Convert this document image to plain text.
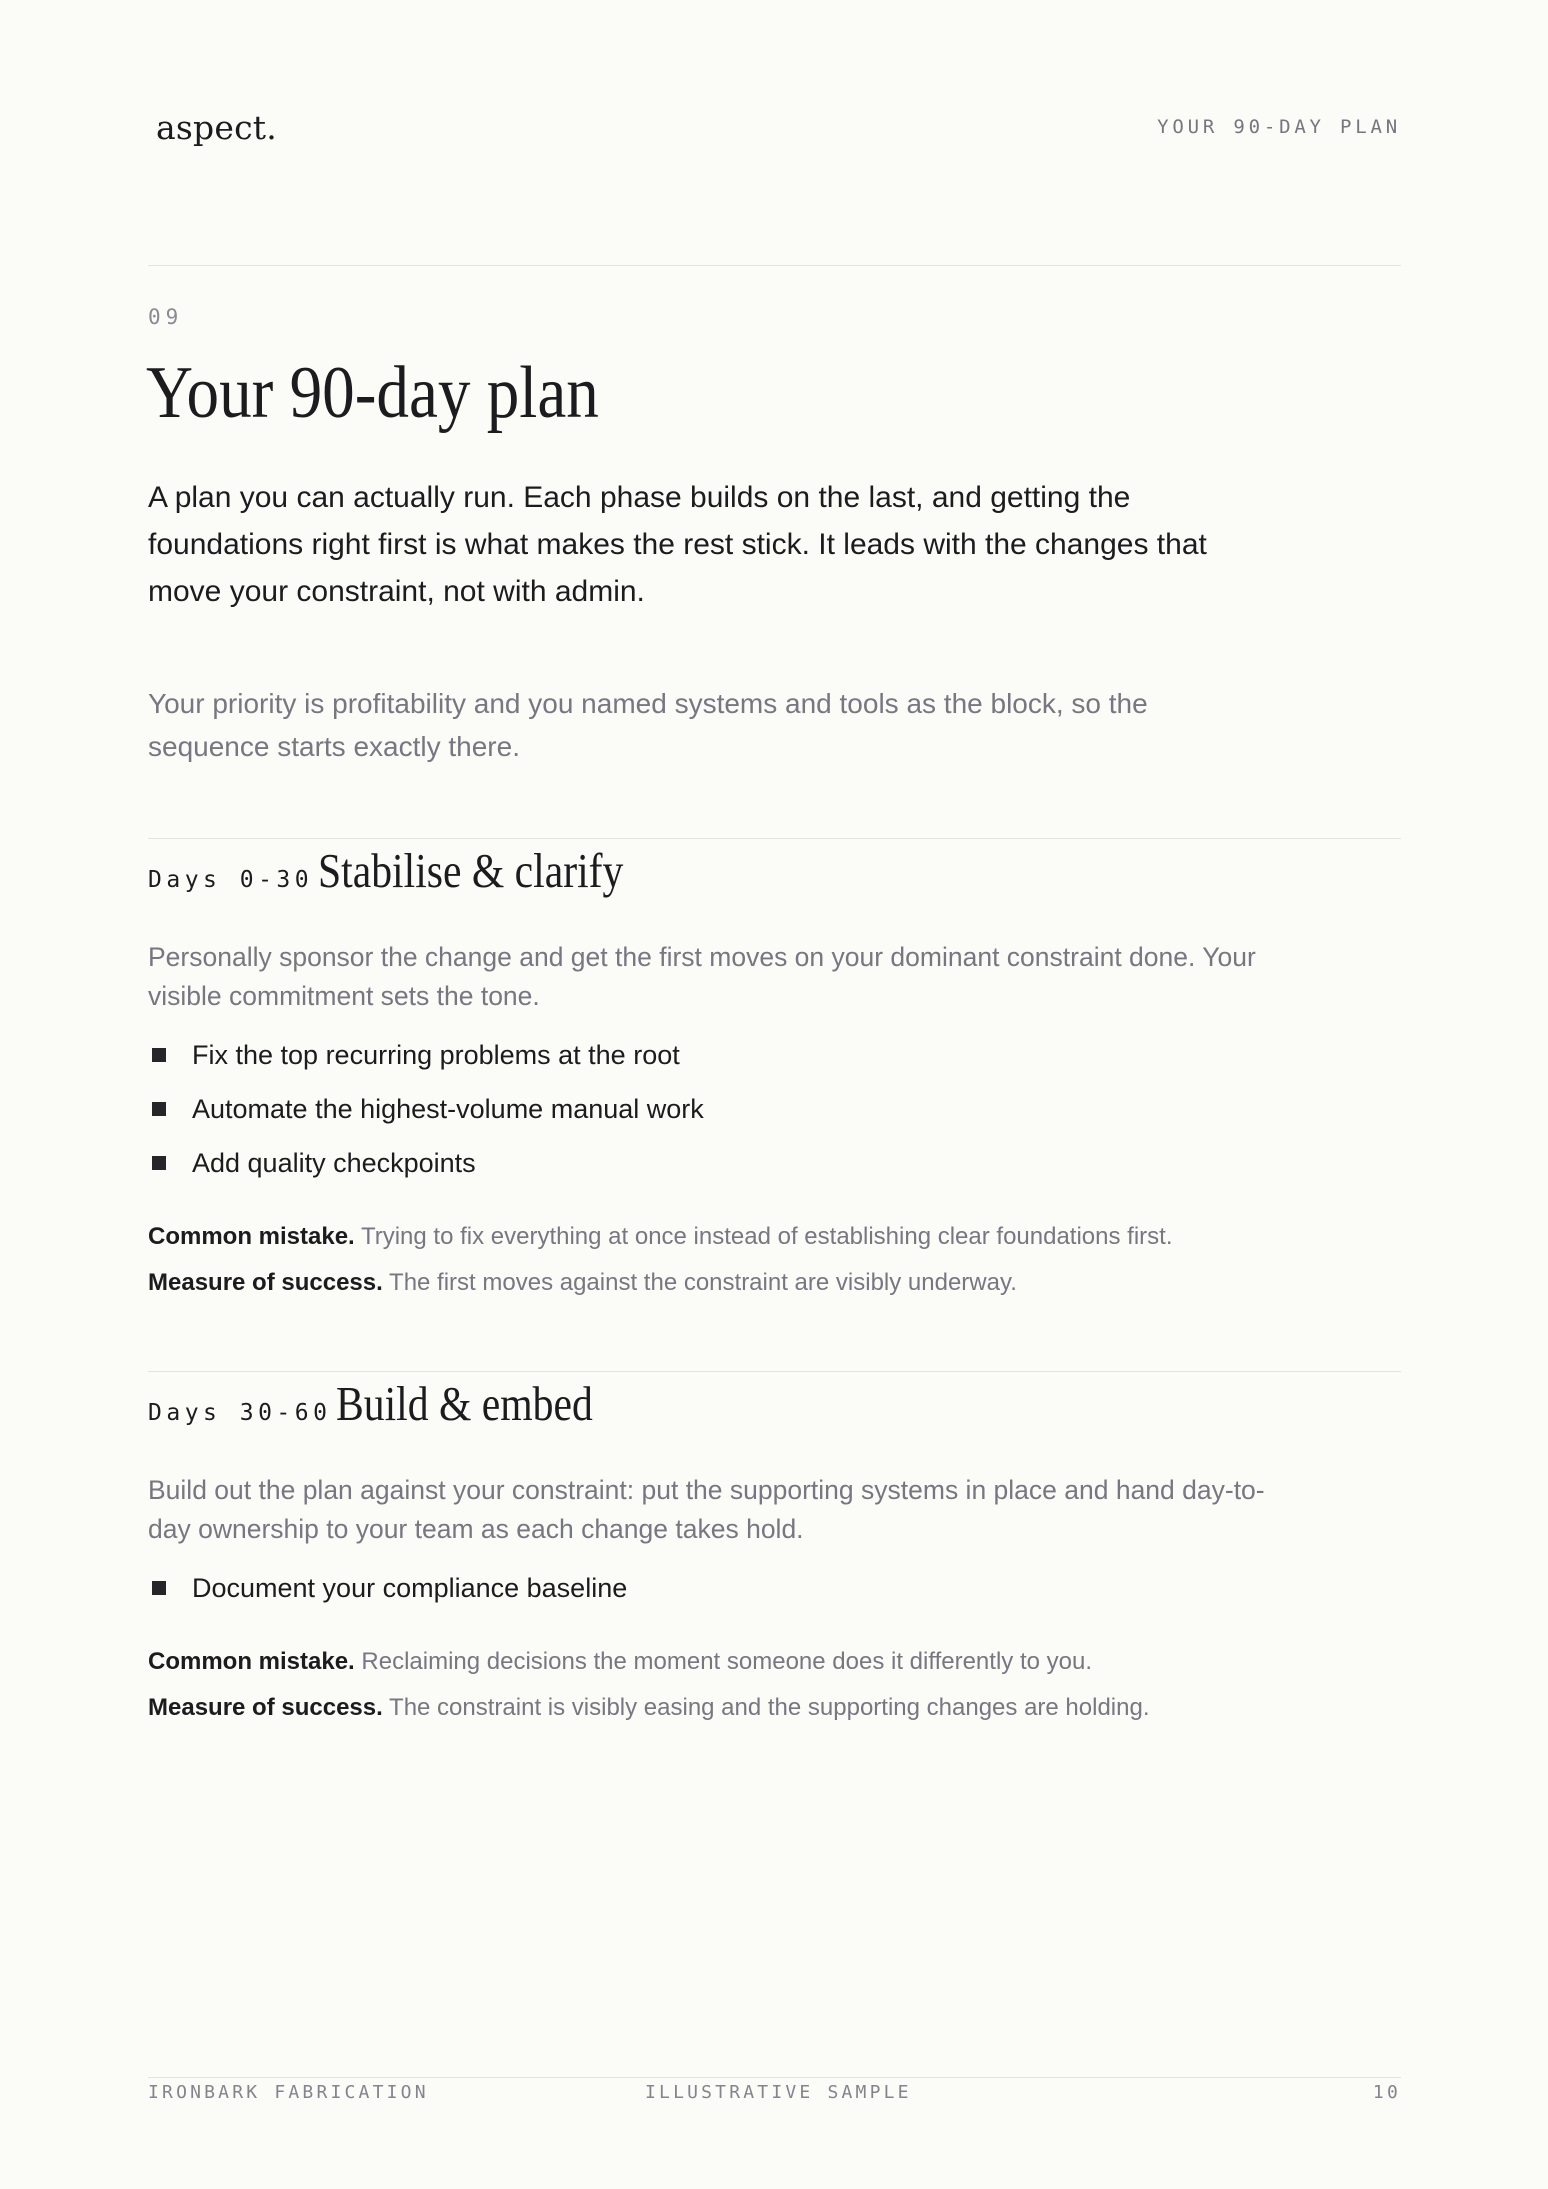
aspect.	YOUR 90-DAY PLAN
09
Your 90-day plan

A plan you can actually run. Each phase builds on the last, and getting the foundations right first is what makes the rest stick. It leads with the changes that move your constraint, not with admin.

Your priority is profitability and you named systems and tools as the block, so the sequence starts exactly there.

Days 0-30 Stabilise & clarify

Personally sponsor the change and get the first moves on your dominant constraint done. Your visible commitment sets the tone.

Fix the top recurring problems at the root
Automate the highest-volume manual work
Add quality checkpoints

Common mistake. Trying to fix everything at once instead of establishing clear foundations first.

Measure of success. The first moves against the constraint are visibly underway.

Days 30-60 Build & embed

Build out the plan against your constraint: put the supporting systems in place and hand day-to-day ownership to your team as each change takes hold.

Document your compliance baseline

Common mistake. Reclaiming decisions the moment someone does it differently to you.

Measure of success. The constraint is visibly easing and the supporting changes are holding.

IRONBARK FABRICATION	ILLUSTRATIVE SAMPLE	10
